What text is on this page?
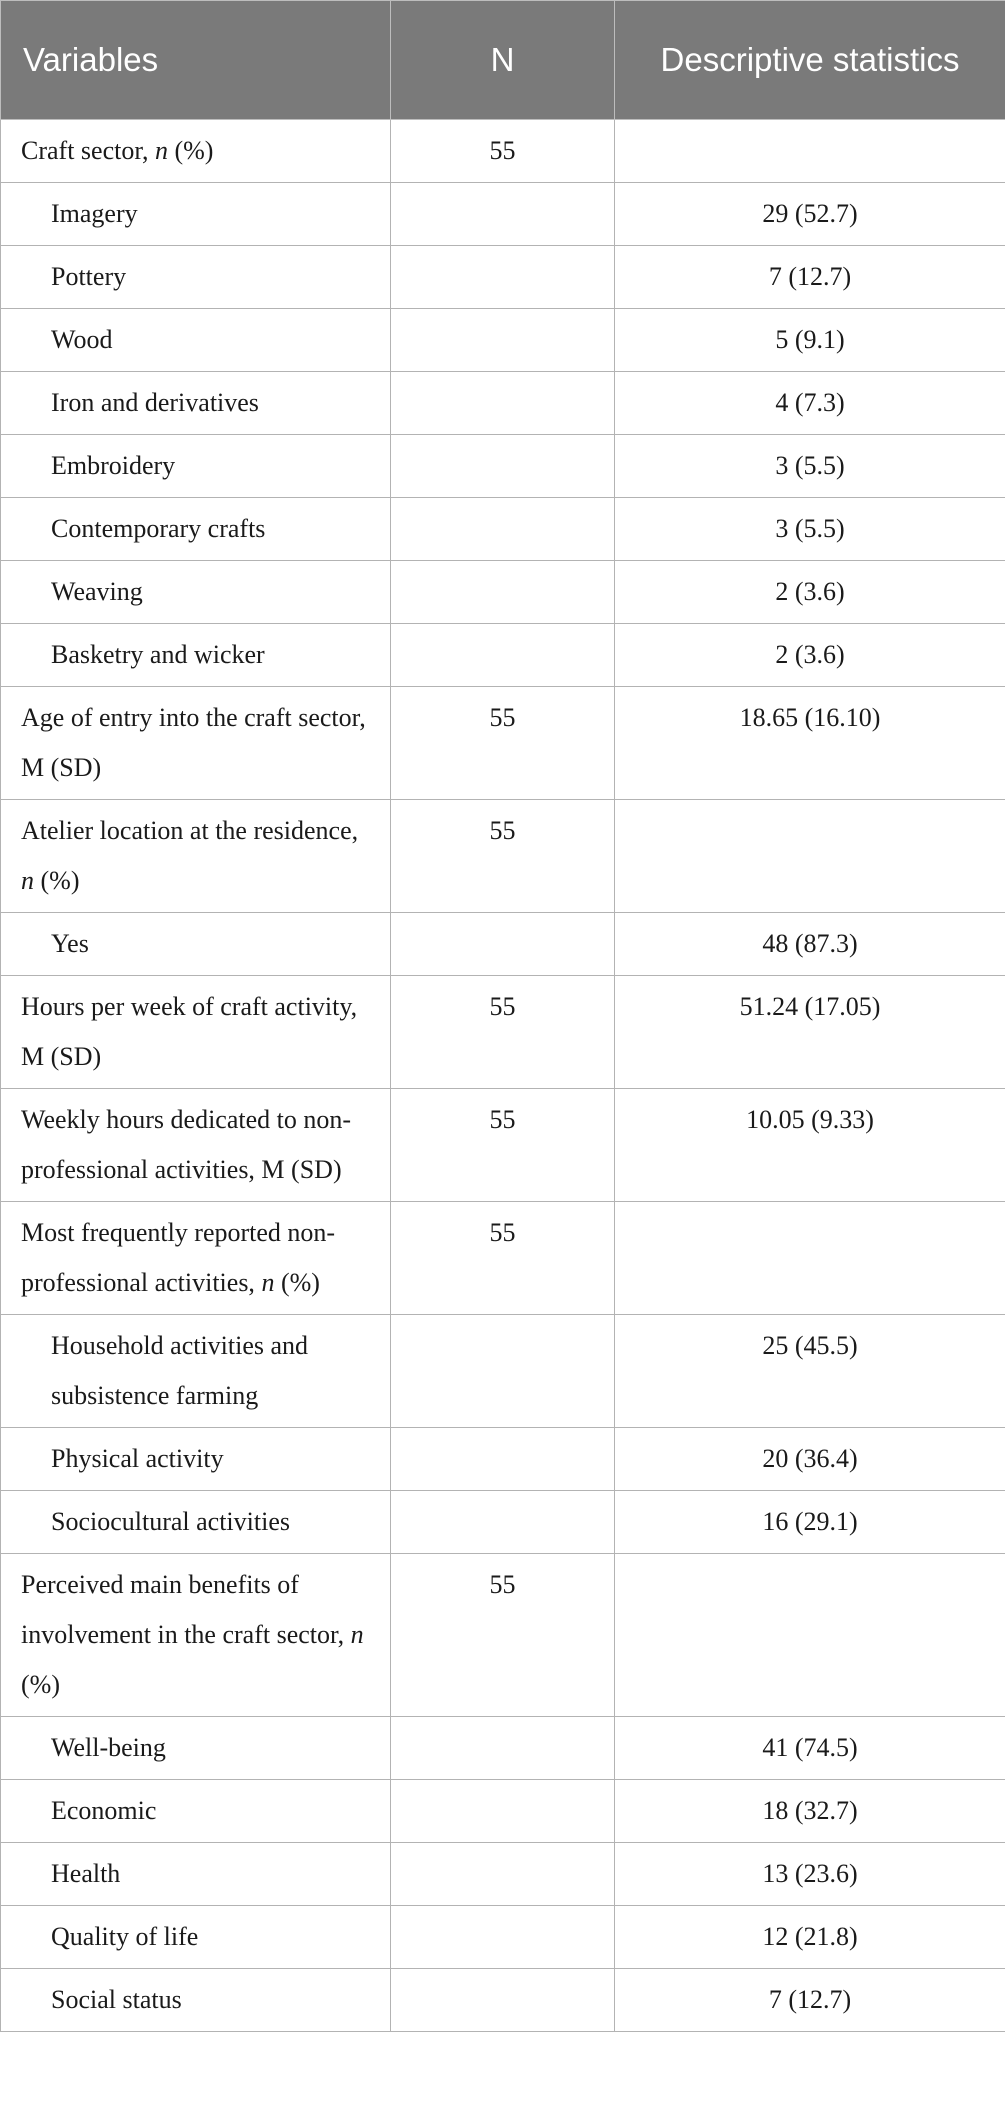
Variables	N	Descriptive statistics
Craft sector, n (%)	55	
Imagery		29 (52.7)
Pottery		7 (12.7)
Wood		5 (9.1)
Iron and derivatives		4 (7.3)
Embroidery		3 (5.5)
Contemporary crafts		3 (5.5)
Weaving		2 (3.6)
Basketry and wicker		2 (3.6)
Age of entry into the craft sector, M (SD)	55	18.65 (16.10)
Atelier location at the residence, n (%)	55	
Yes		48 (87.3)
Hours per week of craft activity, M (SD)	55	51.24 (17.05)
Weekly hours dedicated to non-professional activities, M (SD)	55	10.05 (9.33)
Most frequently reported non-professional activities, n (%)	55	
Household activities and subsistence farming		25 (45.5)
Physical activity		20 (36.4)
Sociocultural activities		16 (29.1)
Perceived main benefits of involvement in the craft sector, n (%)	55	
Well-being		41 (74.5)
Economic		18 (32.7)
Health		13 (23.6)
Quality of life		12 (21.8)
Social status		7 (12.7)
